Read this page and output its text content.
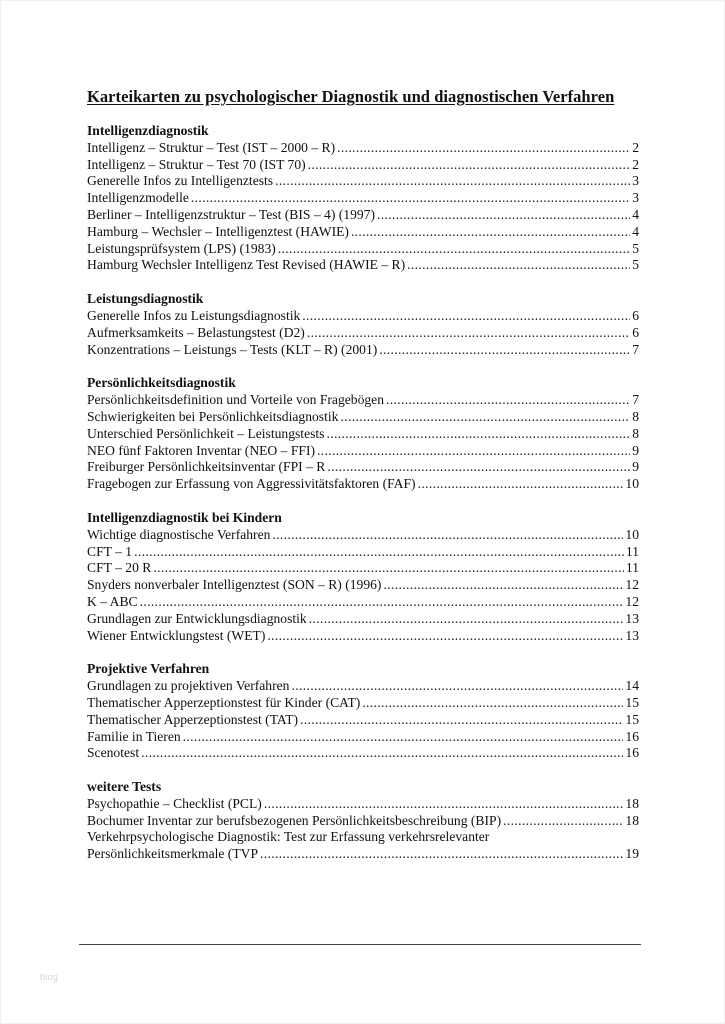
Karteikarten zu psychologischer Diagnostik und diagnostischen Verfahren
Intelligenzdiagnostik
Intelligenz – Struktur – Test (IST – 2000 – R) .....	2
Intelligenz – Struktur – Test 70 (IST 70) .....	2
Generelle Infos zu Intelligenztests .....	3
Intelligenzmodelle .....	3
Berliner – Intelligenzstruktur – Test (BIS – 4) (1997) .....	4
Hamburg – Wechsler – Intelligenztest (HAWIE) .....	4
Leistungsprüfsystem (LPS) (1983) .....	5
Hamburg Wechsler Intelligenz Test Revised (HAWIE – R) .....	5
Leistungsdiagnostik
Generelle Infos zu Leistungsdiagnostik .....	6
Aufmerksamkeits – Belastungstest (D2) .....	6
Konzentrations – Leistungs – Tests (KLT – R) (2001) .....	7
Persönlichkeitsdiagnostik
Persönlichkeitsdefinition und Vorteile von Fragebögen .....	7
Schwierigkeiten bei Persönlichkeitsdiagnostik .....	8
Unterschied Persönlichkeit – Leistungstests .....	8
NEO fünf Faktoren Inventar (NEO – FFI) .....	9
Freiburger Persönlichkeitsinventar (FPI – R .....	9
Fragebogen zur Erfassung von Aggressivitätsfaktoren (FAF) .....	10
Intelligenzdiagnostik bei Kindern
Wichtige diagnostische Verfahren .....	10
CFT – 1 .....	11
CFT – 20 R .....	11
Snyders nonverbaler Intelligenztest (SON – R) (1996) .....	12
K – ABC .....	12
Grundlagen zur Entwicklungsdiagnostik .....	13
Wiener Entwicklungstest (WET) .....	13
Projektive Verfahren
Grundlagen zu projektiven Verfahren .....	14
Thematischer Apperzeptionstest für Kinder (CAT) .....	15
Thematischer Apperzeptionstest (TAT) .....	15
Familie in Tieren .....	16
Scenotest .....	16
weitere Tests
Psychopathie – Checklist (PCL) .....	18
Bochumer Inventar zur berufsbezogenen Persönlichkeitsbeschreibung (BIP) .....	18
Verkehrpsychologische Diagnostik: Test zur Erfassung verkehrsrelevanter
Persönlichkeitsmerkmale (TVP .....	19
blog
